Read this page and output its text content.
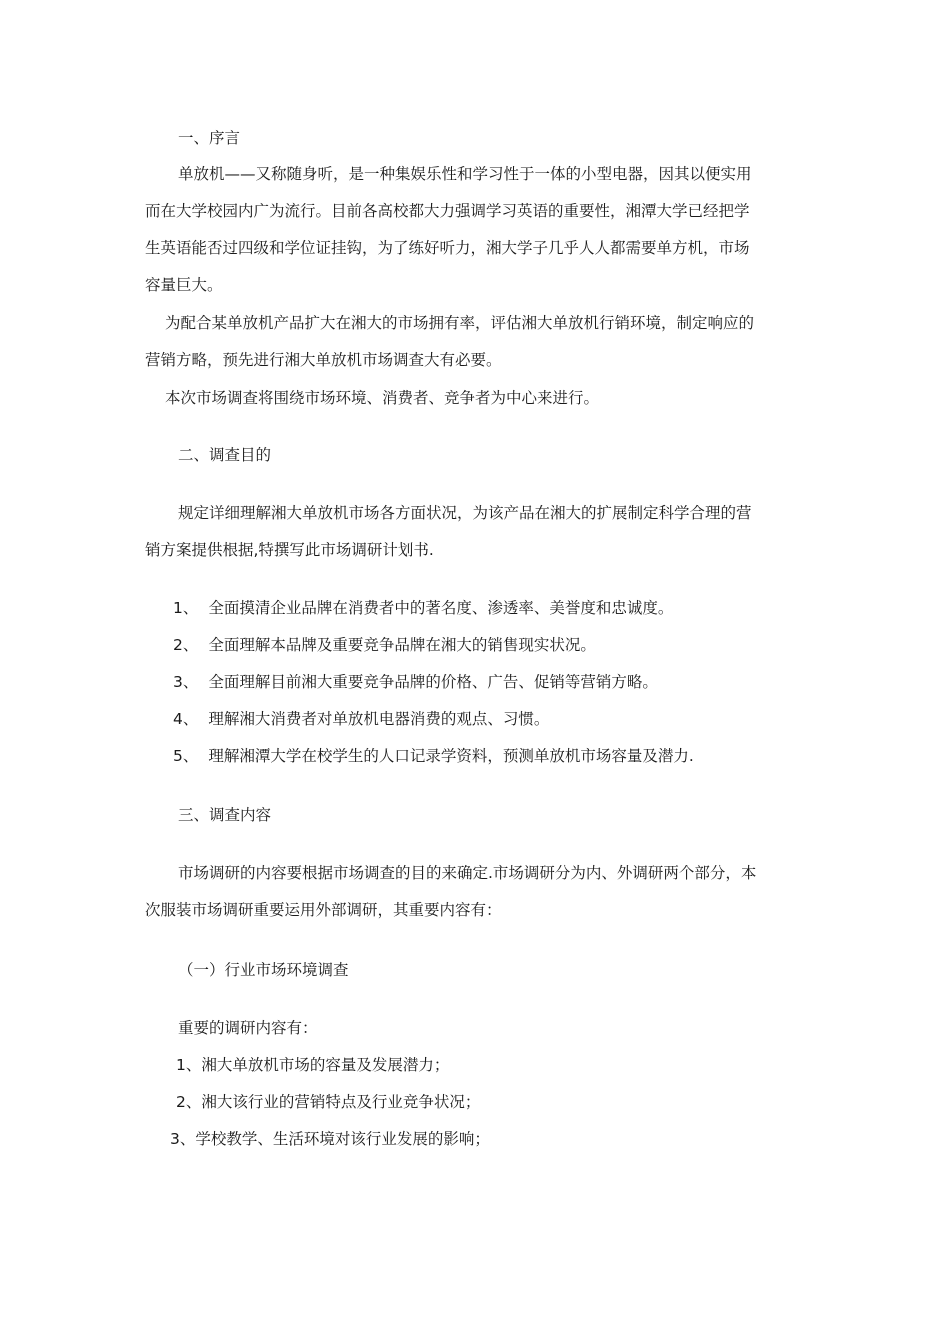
一、序言
单放机——又称随身听，是一种集娱乐性和学习性于一体的小型电器，因其以便实用
而在大学校园内广为流行。目前各高校都大力强调学习英语的重要性，湘潭大学已经把学
生英语能否过四级和学位证挂钩，为了练好听力，湘大学子几乎人人都需要单方机，市场
容量巨大。
为配合某单放机产品扩大在湘大的市场拥有率，评估湘大单放机行销环境，制定响应的
营销方略，预先进行湘大单放机市场调查大有必要。
本次市场调查将围绕市场环境、消费者、竞争者为中心来进行。
二、调查目的
规定详细理解湘大单放机市场各方面状况，为该产品在湘大的扩展制定科学合理的营
销方案提供根据,特撰写此市场调研计划书.
1、 全面摸清企业品牌在消费者中的著名度、渗透率、美誉度和忠诚度。
2、 全面理解本品牌及重要竞争品牌在湘大的销售现实状况。
3、 全面理解目前湘大重要竞争品牌的价格、广告、促销等营销方略。
4、 理解湘大消费者对单放机电器消费的观点、习惯。
5、 理解湘潭大学在校学生的人口记录学资料，预测单放机市场容量及潜力.
三、调查内容
市场调研的内容要根据市场调查的目的来确定.市场调研分为内、外调研两个部分，本
次服装市场调研重要运用外部调研，其重要内容有：
（一）行业市场环境调查
重要的调研内容有：
1、湘大单放机市场的容量及发展潜力；
2、湘大该行业的营销特点及行业竞争状况；
3、学校教学、生活环境对该行业发展的影响；
